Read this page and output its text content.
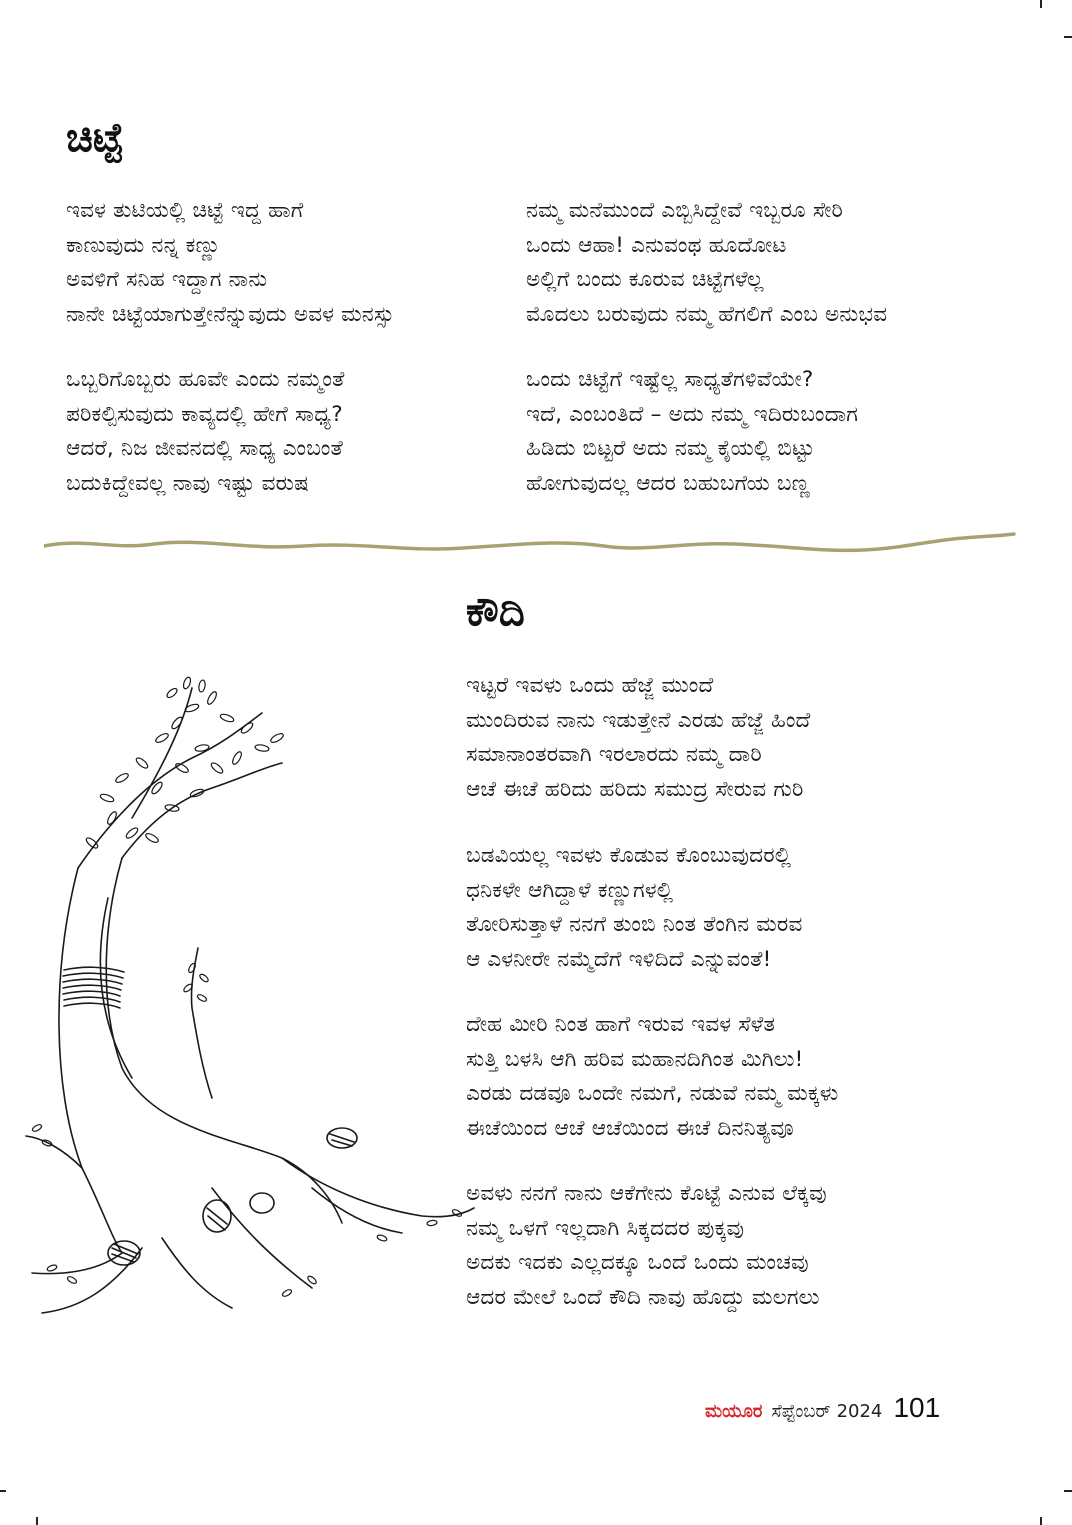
ಚಿಟ್ಟೆ
ಇವಳ ತುಟಿಯಲ್ಲಿ ಚಿಟ್ಟೆ ಇದ್ದ ಹಾಗೆ
ಕಾಣುವುದು ನನ್ನ ಕಣ್ಣು
ಅವಳಿಗೆ ಸನಿಹ ಇದ್ದಾಗ ನಾನು
ನಾನೇ ಚಿಟ್ಟೆಯಾಗುತ್ತೇನೆನ್ನುವುದು ಅವಳ ಮನಸ್ಸು
ಒಬ್ಬರಿಗೊಬ್ಬರು ಹೂವೇ ಎಂದು ನಮ್ಮಂತೆ
ಪರಿಕಲ್ಪಿಸುವುದು ಕಾವ್ಯದಲ್ಲಿ ಹೇಗೆ ಸಾಧ್ಯ?
ಆದರೆ, ನಿಜ ಜೀವನದಲ್ಲಿ ಸಾಧ್ಯ ಎಂಬಂತೆ
ಬದುಕಿದ್ದೇವಲ್ಲ ನಾವು ಇಷ್ಟು ವರುಷ
ನಮ್ಮ ಮನೆಮುಂದೆ ಎಬ್ಬಿಸಿದ್ದೇವೆ ಇಬ್ಬರೂ ಸೇರಿ
ಒಂದು ಆಹಾ! ಎನುವಂಥ ಹೂದೋಟ
ಅಲ್ಲಿಗೆ ಬಂದು ಕೂರುವ ಚಿಟ್ಟೆಗಳೆಲ್ಲ
ಮೊದಲು ಬರುವುದು ನಮ್ಮ ಹೆಗಲಿಗೆ ಎಂಬ ಅನುಭವ
ಒಂದು ಚಿಟ್ಟೆಗೆ ಇಷ್ಟೆಲ್ಲ ಸಾಧ್ಯತೆಗಳಿವೆಯೇ?
ಇದೆ, ಎಂಬಂತಿದೆ – ಅದು ನಮ್ಮ ಇದಿರುಬಂದಾಗ
ಹಿಡಿದು ಬಿಟ್ಟರೆ ಅದು ನಮ್ಮ ಕೈಯಲ್ಲಿ ಬಿಟ್ಟು
ಹೋಗುವುದಲ್ಲ ಆದರ ಬಹುಬಗೆಯ ಬಣ್ಣ
ಕೌದಿ
ಇಟ್ಟರೆ ಇವಳು ಒಂದು ಹೆಜ್ಜೆ ಮುಂದೆ
ಮುಂದಿರುವ ನಾನು ಇಡುತ್ತೇನೆ ಎರಡು ಹೆಜ್ಜೆ ಹಿಂದೆ
ಸಮಾನಾಂತರವಾಗಿ ಇರಲಾರದು ನಮ್ಮ ದಾರಿ
ಆಚೆ ಈಚೆ ಹರಿದು ಹರಿದು ಸಮುದ್ರ ಸೇರುವ ಗುರಿ
ಬಡವಿಯಲ್ಲ ಇವಳು ಕೊಡುವ ಕೊಂಬುವುದರಲ್ಲಿ
ಧನಿಕಳೇ ಆಗಿದ್ದಾಳೆ ಕಣ್ಣುಗಳಲ್ಲಿ
ತೋರಿಸುತ್ತಾಳೆ ನನಗೆ ತುಂಬಿ ನಿಂತ ತೆಂಗಿನ ಮರವ
ಆ ಎಳನೀರೇ ನಮ್ಮೆದೆಗೆ ಇಳಿದಿದೆ ಎನ್ನುವಂತೆ!
ದೇಹ ಮೀರಿ ನಿಂತ ಹಾಗೆ ಇರುವ ಇವಳ ಸೆಳೆತ
ಸುತ್ತಿ ಬಳಸಿ ಆಗಿ ಹರಿವ ಮಹಾನದಿಗಿಂತ ಮಿಗಿಲು!
ಎರಡು ದಡವೂ ಒಂದೇ ನಮಗೆ, ನಡುವೆ ನಮ್ಮ ಮಕ್ಕಳು
ಈಚೆಯಿಂದ ಆಚೆ ಆಚೆಯಿಂದ ಈಚೆ ದಿನನಿತ್ಯವೂ
ಅವಳು ನನಗೆ ನಾನು ಆಕೆಗೇನು ಕೊಟ್ಟೆ ಎನುವ ಲೆಕ್ಕವು
ನಮ್ಮ ಒಳಗೆ ಇಲ್ಲದಾಗಿ ಸಿಕ್ಕದದರ ಪುಕ್ಕವು
ಅದಕು ಇದಕು ಎಲ್ಲದಕ್ಕೂ ಒಂದೆ ಒಂದು ಮಂಚವು
ಆದರ ಮೇಲೆ ಒಂದೆ ಕೌದಿ ನಾವು ಹೊದ್ದು ಮಲಗಲು
ಮಯೂರ ಸೆಪ್ಟೆಂಬರ್ 2024 101
